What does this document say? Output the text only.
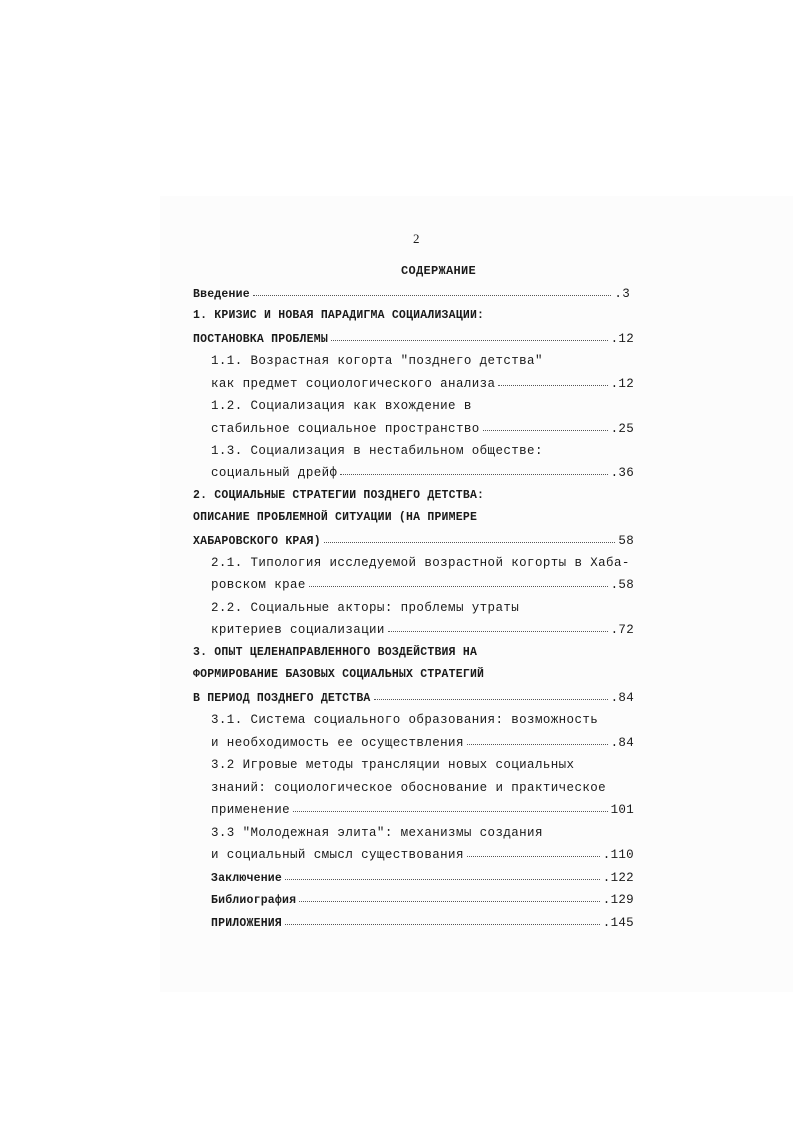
2
СОДЕРЖАНИЕ
Введение	.3
1. КРИЗИС И НОВАЯ ПАРАДИГМА СОЦИАЛИЗАЦИИ:
ПОСТАНОВКА ПРОБЛЕМЫ	.12
1.1. Возрастная когорта "позднего детства"
как предмет социологического анализа	.12
1.2. Социализация как вхождение в
стабильное социальное пространство	.25
1.3. Социализация в нестабильном обществе:
социальный дрейф	.36
2. СОЦИАЛЬНЫЕ СТРАТЕГИИ ПОЗДНЕГО ДЕТСТВА:
ОПИСАНИЕ ПРОБЛЕМНОЙ СИТУАЦИИ (НА ПРИМЕРЕ
ХАБАРОВСКОГО КРАЯ)	58
2.1. Типология исследуемой возрастной когорты в Хаба-
ровском крае	.58
2.2. Социальные акторы: проблемы утраты
критериев социализации	.72
3. ОПЫТ ЦЕЛЕНАПРАВЛЕННОГО ВОЗДЕЙСТВИЯ НА
ФОРМИРОВАНИЕ БАЗОВЫХ СОЦИАЛЬНЫХ СТРАТЕГИЙ
В ПЕРИОД ПОЗДНЕГО ДЕТСТВА	.84
3.1. Система социального образования: возможность
и необходимость ее осуществления	.84
3.2 Игровые методы трансляции новых социальных
знаний: социологическое обоснование и практическое
применение	101
3.3 "Молодежная элита": механизмы создания
и социальный смысл существования	.110
Заключение	.122
Библиография	.129
ПРИЛОЖЕНИЯ	.145
